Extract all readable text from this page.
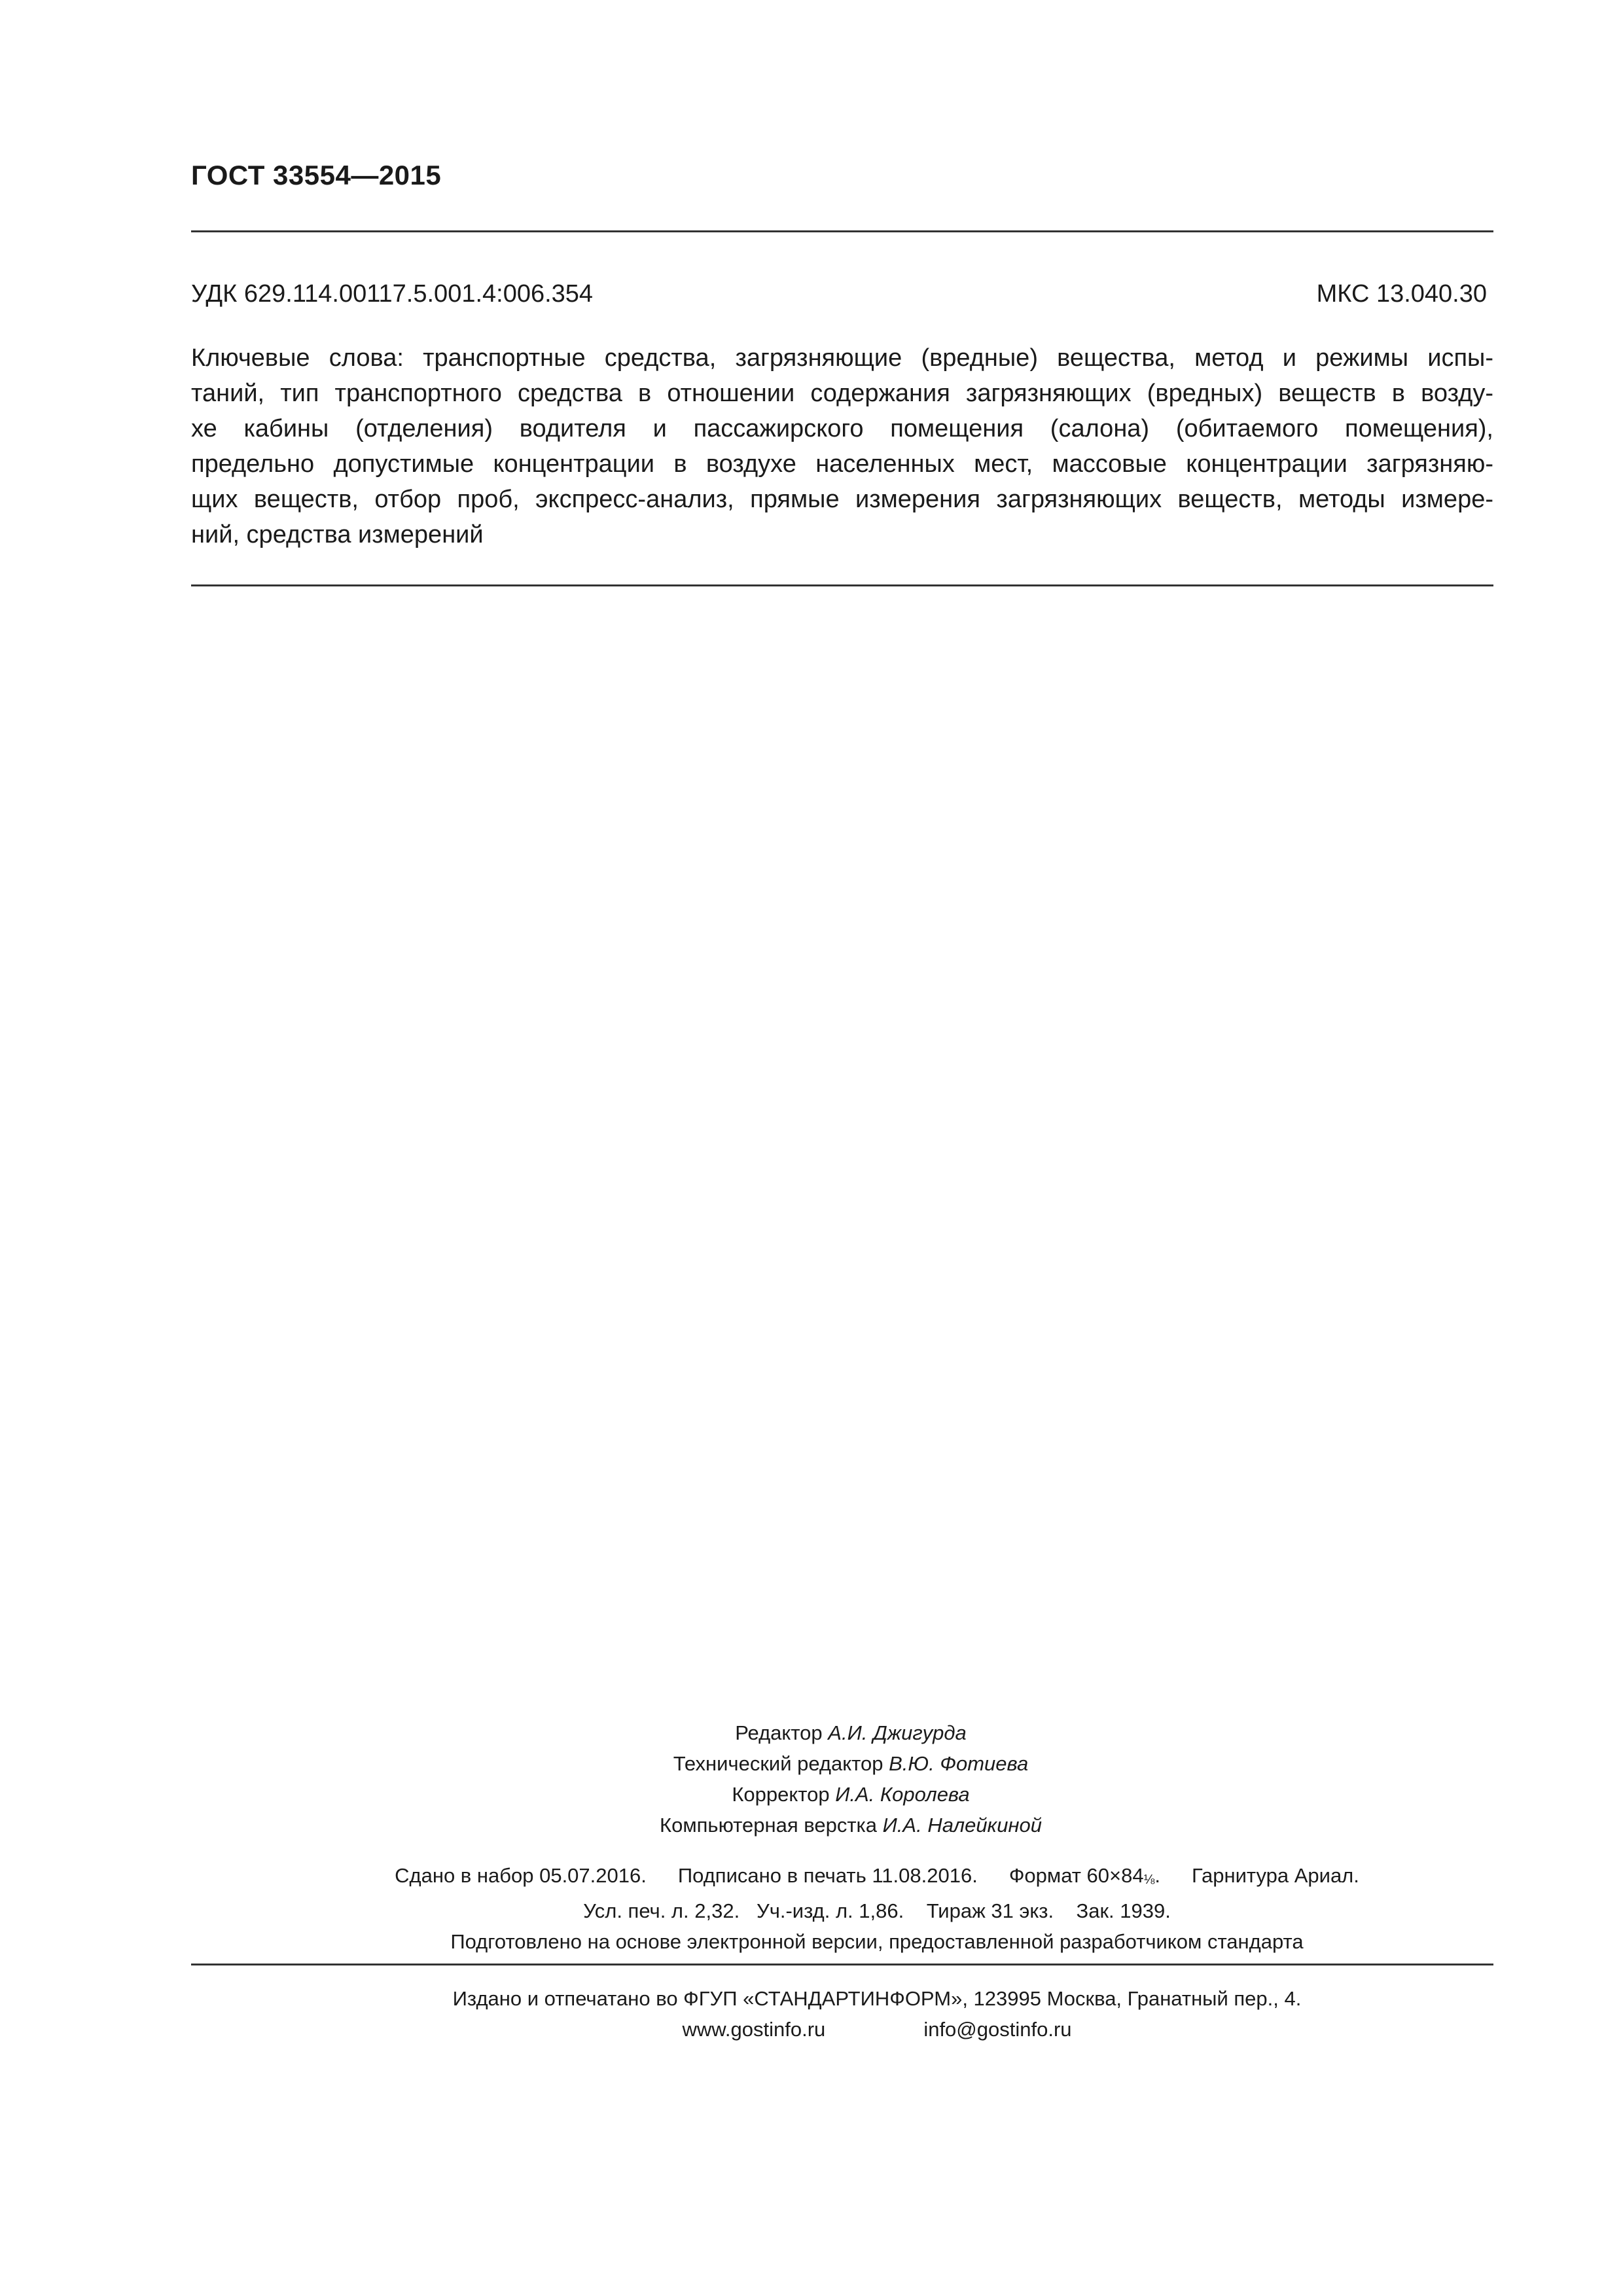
ГОСТ 33554—2015
УДК 629.114.00117.5.001.4:006.354	МКС 13.040.30
Ключевые слова: транспортные средства, загрязняющие (вредные) вещества, метод и режимы испы-
таний, тип транспортного средства в отношении содержания загрязняющих (вредных) веществ в возду-
хе кабины (отделения) водителя и пассажирского помещения (салона) (обитаемого помещения),
предельно допустимые концентрации в воздухе населенных мест, массовые концентрации загрязняю-
щих веществ, отбор проб, экспресс-анализ, прямые измерения загрязняющих веществ, методы измере-
ний, средства измерений
Редактор А.И. Джигурда
Технический редактор В.Ю. Фотиева
Корректор И.А. Королева
Компьютерная верстка И.А. Налейкиной
Сдано в набор 05.07.2016. Подписано в печать 11.08.2016. Формат 60×84⅛. Гарнитура Ариал.
Усл. печ. л. 2,32. Уч.-изд. л. 1,86. Тираж 31 экз. Зак. 1939.
Подготовлено на основе электронной версии, предоставленной разработчиком стандарта
Издано и отпечатано во ФГУП «СТАНДАРТИНФОРМ», 123995 Москва, Гранатный пер., 4.
www.gostinfo.ru	info@gostinfo.ru
